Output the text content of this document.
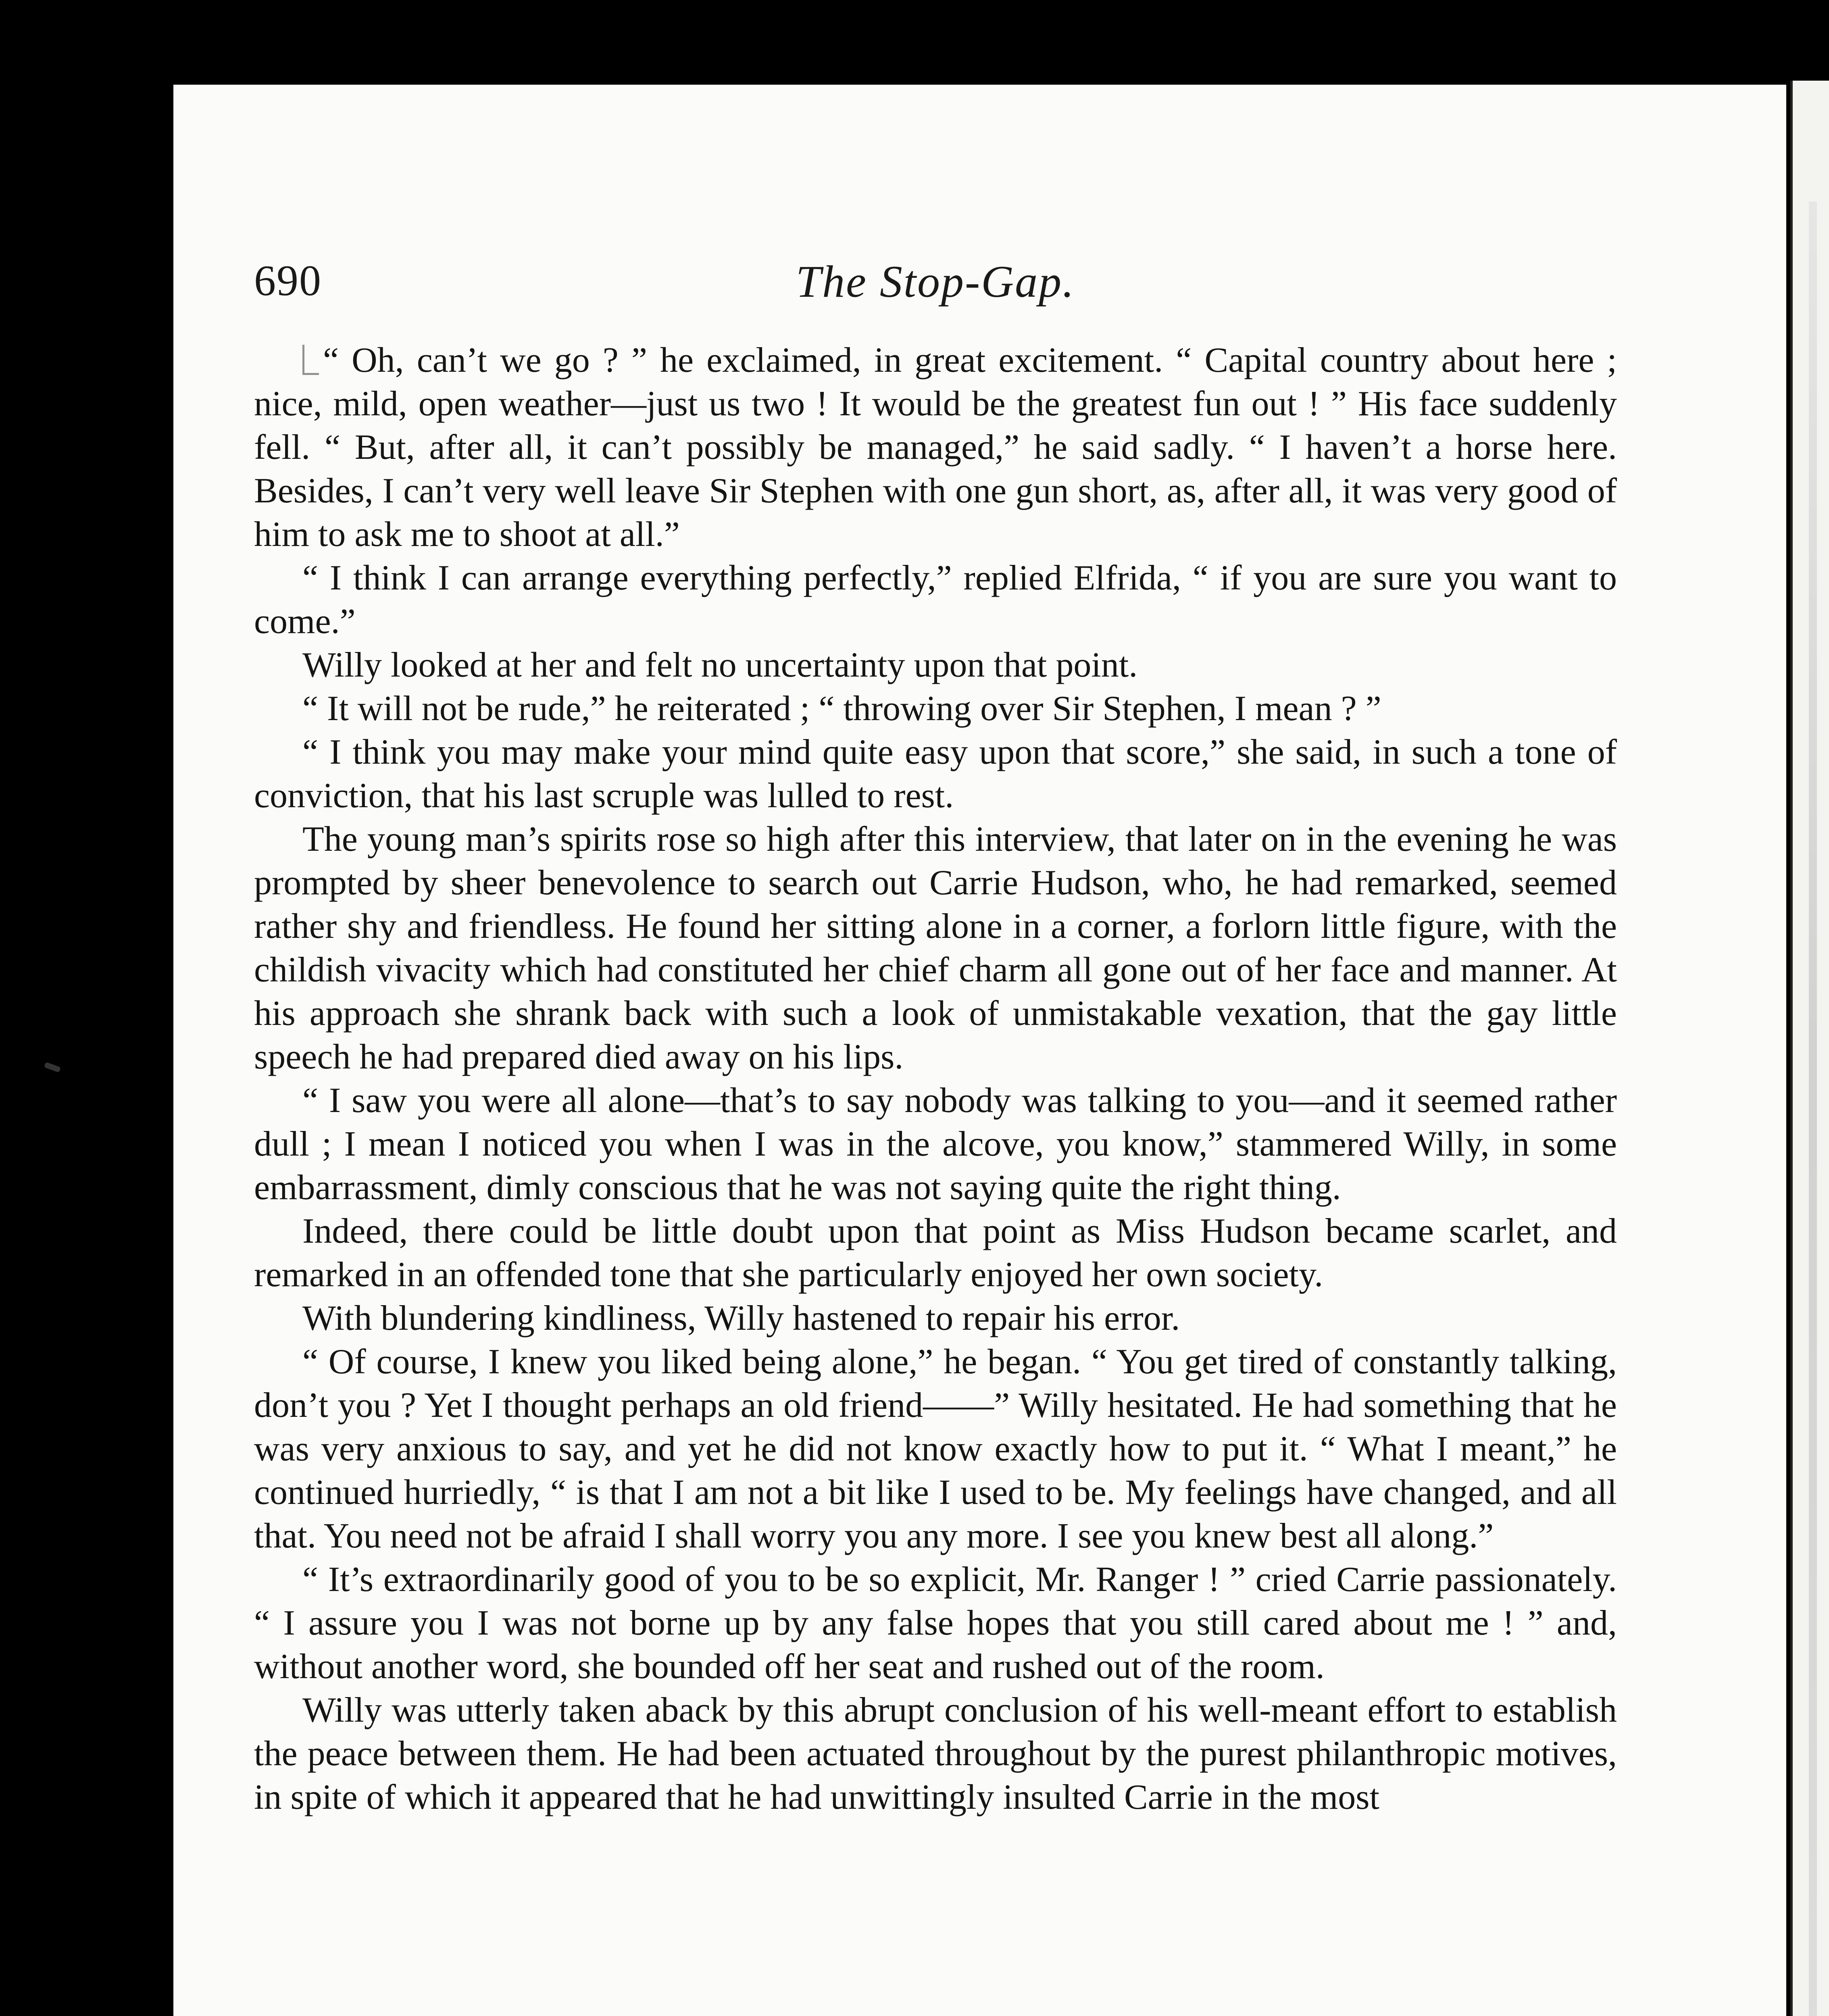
690	The Stop-Gap.

“ Oh, can’t we go ? ” he exclaimed, in great excitement. “ Capital country about here ; nice, mild, open weather—just us two ! It would be the greatest fun out ! ” His face suddenly fell. “ But, after all, it can’t possibly be managed,” he said sadly. “ I haven’t a horse here. Besides, I can’t very well leave Sir Stephen with one gun short, as, after all, it was very good of him to ask me to shoot at all.”

“ I think I can arrange everything perfectly,” replied Elfrida, “ if you are sure you want to come.”

Willy looked at her and felt no uncertainty upon that point.

“ It will not be rude,” he reiterated ; “ throwing over Sir Stephen, I mean ? ”

“ I think you may make your mind quite easy upon that score,” she said, in such a tone of conviction, that his last scruple was lulled to rest.

The young man’s spirits rose so high after this interview, that later on in the evening he was prompted by sheer benevolence to search out Carrie Hudson, who, he had remarked, seemed rather shy and friendless. He found her sitting alone in a corner, a forlorn little figure, with the childish vivacity which had constituted her chief charm all gone out of her face and manner. At his approach she shrank back with such a look of unmistakable vexation, that the gay little speech he had prepared died away on his lips.

“ I saw you were all alone—that’s to say nobody was talking to you—and it seemed rather dull ; I mean I noticed you when I was in the alcove, you know,” stammered Willy, in some embarrassment, dimly conscious that he was not saying quite the right thing.

Indeed, there could be little doubt upon that point as Miss Hudson became scarlet, and remarked in an offended tone that she particularly enjoyed her own society.

With blundering kindliness, Willy hastened to repair his error.

“ Of course, I knew you liked being alone,” he began. “ You get tired of constantly talking, don’t you ? Yet I thought perhaps an old friend——” Willy hesitated. He had something that he was very anxious to say, and yet he did not know exactly how to put it. “ What I meant,” he continued hurriedly, “ is that I am not a bit like I used to be. My feelings have changed, and all that. You need not be afraid I shall worry you any more. I see you knew best all along.”

“ It’s extraordinarily good of you to be so explicit, Mr. Ranger ! ” cried Carrie passionately. “ I assure you I was not borne up by any false hopes that you still cared about me ! ” and, without another word, she bounded off her seat and rushed out of the room.

Willy was utterly taken aback by this abrupt conclusion of his well-meant effort to establish the peace between them. He had been actuated throughout by the purest philanthropic motives, in spite of which it appeared that he had unwittingly insulted Carrie in the most
